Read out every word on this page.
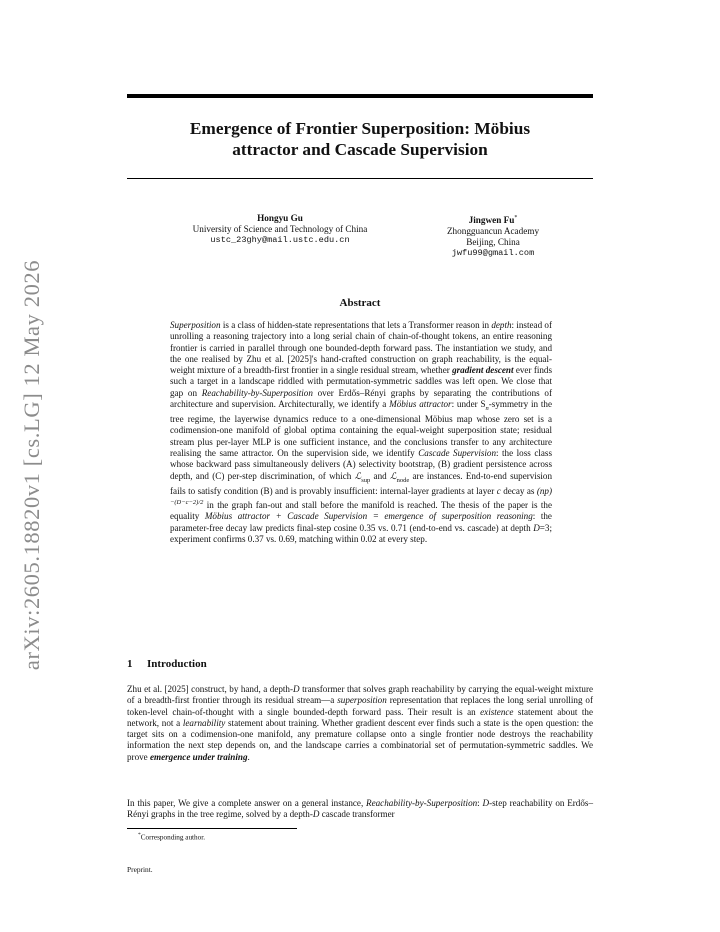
arXiv:2605.18820v1 [cs.LG] 12 May 2026
Emergence of Frontier Superposition: Möbius
attractor and Cascade Supervision
Hongyu Gu
University of Science and Technology of China
ustc_23ghy@mail.ustc.edu.cn
Jingwen Fu*
Zhongguancun Academy
Beijing, China
jwfu99@gmail.com
Abstract
Superposition is a class of hidden-state representations that lets a Transformer reason in depth: instead of unrolling a reasoning trajectory into a long serial chain of chain-of-thought tokens, an entire reasoning frontier is carried in parallel through one bounded-depth forward pass. The instantiation we study, and the one realised by Zhu et al. [2025]'s hand-crafted construction on graph reachability, is the equal-weight mixture of a breadth-first frontier in a single residual stream, whether gradient descent ever finds such a target in a landscape riddled with permutation-symmetric saddles was left open. We close that gap on Reachability-by-Superposition over Erdős–Rényi graphs by separating the contributions of architecture and supervision. Architecturally, we identify a Möbius attractor: under $S_n$-symmetry in the tree regime, the layerwise dynamics reduce to a one-dimensional Möbius map whose zero set is a codimension-one manifold of global optima containing the equal-weight superposition state; residual stream plus per-layer MLP is one sufficient instance, and the conclusions transfer to any architecture realising the same attractor. On the supervision side, we identify Cascade Supervision: the loss class whose backward pass simultaneously delivers (A) selectivity bootstrap, (B) gradient persistence across depth, and (C) per-step discrimination, of which ℒ$_{sup}$ and ℒ$_{node}$ are instances. End-to-end supervision fails to satisfy condition (B) and is provably insufficient: internal-layer gradients at layer c decay as (np)$^{-(D-c-2)/2}$ in the graph fan-out and stall before the manifold is reached. The thesis of the paper is the equality Möbius attractor + Cascade Supervision = emergence of superposition reasoning: the parameter-free decay law predicts final-step cosine 0.35 vs. 0.71 (end-to-end vs. cascade) at depth D=3; experiment confirms 0.37 vs. 0.69, matching within 0.02 at every step.
1 Introduction
Zhu et al. [2025] construct, by hand, a depth-D transformer that solves graph reachability by carrying the equal-weight mixture of a breadth-first frontier through its residual stream—a superposition representation that replaces the long serial unrolling of token-level chain-of-thought with a single bounded-depth forward pass. Their result is an existence statement about the network, not a learnability statement about training. Whether gradient descent ever finds such a state is the open question: the target sits on a codimension-one manifold, any premature collapse onto a single frontier node destroys the reachability information the next step depends on, and the landscape carries a combinatorial set of permutation-symmetric saddles. We prove emergence under training.
In this paper, We give a complete answer on a general instance, Reachability-by-Superposition: D-step reachability on Erdős–Rényi graphs in the tree regime, solved by a depth-D cascade transformer
*Corresponding author.
Preprint.
